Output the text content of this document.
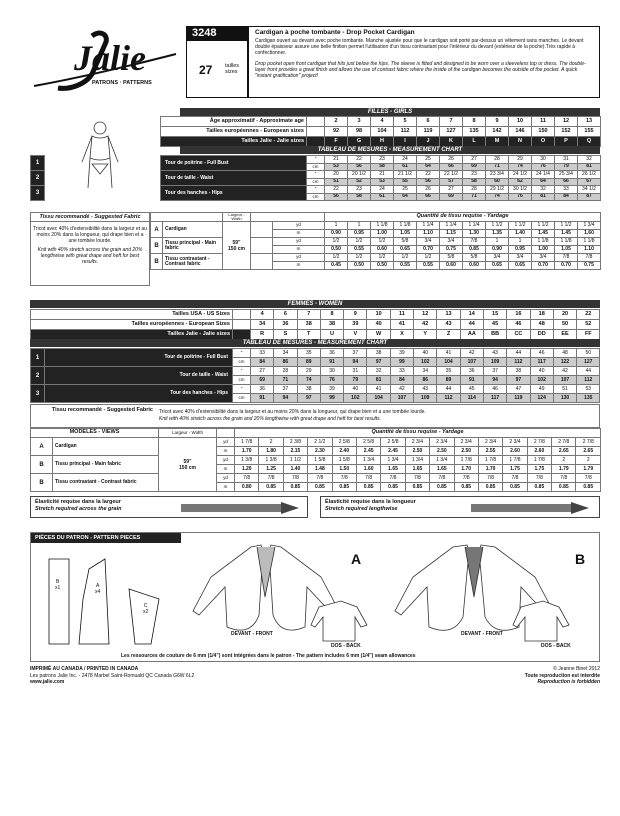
Jalie
PATRONS · PATTERNS
3248
27 tailles
sizes
Cardigan à poche tombante - Drop Pocket Cardigan
Cardigan ouvert au devant avec poche tombante. Manche ajustée pour que le cardigan soit porté par-dessus un vêtement sans manches. Le devant double épaisseur assure une belle finition permet l'utilisation d'un tissu contrastant pour l'intérieur du devant (extérieur de la poche).Très rapide à confectionner.
Drop pocket open front cardigan that hits just below the hips. The sleeve is fitted and designed to be worn over a sleeveless top or dress. The double-layer front provides a great finish and allows the use of contrast fabric where the inside of the cardigan becomes the outside of the pocket. A quick "instant gratification" project!
FILLES - GIRLS
Âge approximatif - Approximate age		2	3	4	5	6	7	8	9	10	11	12	13
Tailles européennes - European sizes		92	98	104	112	119	127	135	142	146	150	152	155
Tailles Jalie - Jalie sizes		F	G	H	I	J	K	L	M	N	O	P	Q
TABLEAU DE MESURES - MEASUREMENT CHART
1		Tour de poitrine - Full Bust	"	21	22	23	24	25	26	27	28	29	30	31	32
			cm	53	56	58	61	64	66	69	71	74	76	79	81
2		Tour de taille - Waist	"	20	20 1/2	21	21 1/2	22	22 1/2	23	23 3/4	24 1/2	24 1/4	25 3/4	26 1/2
			cm	51	52	53	55	56	57	58	60	62	64	66	67
3		Tour des hanches - Hips	"	22	23	24	25	26	27	28	29 1/2	30 1/2	32	33	34 1/2
			cm	56	58	61	64	66	69	71	74	76	81	84	87
Tissu recommandé - Suggested Fabric
Tricot avec 40% d'extensibilité dans la largeur et au moins 20% dans la longueur, qui drape bien et a une tombée lourde.
Knit with 40% stretch across the grain and 20% lengthwise with great drape and heft for best results.
		Largeur - Width			Quantité de tissu requise - Yardage											
A	Cardigan	59"
150 cm		yd	1	1	1 1/8	1 1/8	1 1/4	1 1/4	1 1/4	1 1/2	1 1/2	1 1/2	1 1/2	1 3/4
				m	0.90	0.95	1.00	1.05	1.10	1.15	1.30	1.35	1.40	1.45	1.45	1.60
B	Tissu principal - Main fabric			yd	1/2	1/2	1/2	5/8	3/4	3/4	7/8	1	1	1 1/8	1 1/8	1 1/8
				m	0.50	0.55	0.60	0.65	0.70	0.75	0.85	0.90	0.95	1.00	1.05	1.10
B	Tissu contrastant - Contrast fabric			yd	1/2	1/2	1/2	1/2	1/2	5/8	5/8	3/4	3/4	3/4	7/8	7/8
				m	0.45	0.50	0.50	0.55	0.55	0.60	0.60	0.65	0.65	0.70	0.70	0.75
FEMMES - WOMEN
Tailles USA - US Sizes		4	6	7	8	9	10	11	12	13	14	15	16	18	20	22
Tailles européennes - European Sizes		34	36	38	38	39	40	41	42	43	44	45	46	48	50	52
Tailles Jalie - Jalie sizes		R	S	T	U	V	W	X	Y	Z	AA	BB	CC	DD	EE	FF
TABLEAU DE MESURES - MEASUREMENT CHART
1	Tour de poitrine - Full Bust	"	33	34	35	36	37	38	39	40	41	42	43	44	46	48	50
		cm	84	86	89	91	94	97	99	102	104	107	109	112	117	122	127
2	Tour de taille - Waist	"	27	28	29	30	31	32	33	34	35	36	37	38	40	42	44
		cm	69	71	74	76	79	81	84	86	89	91	94	97	102	107	112
3	Tour des hanches - Hips	"	36	37	38	39	40	41	42	43	44	45	46	47	49	51	53
		cm	91	94	97	99	102	104	107	109	112	114	117	119	124	130	135
Tissu recommandé - Suggested Fabric Tricot avec 40% d'extensibilité dans la largeur et au moins 20% dans la longueur, qui drape bien et a une tombée lourde.
Knit with 40% stretch across the grain and 20% lengthwise with great drape and heft for best results.
MODÈLES - VIEWS		Largeur - Width		Quantité de tissu requise - Yardage														
A	Cardigan	59"
150 cm	yd	1 7/8	2	2 3/8	2 1/2	2 5/8	2 5/8	2 5/8	2 3/4	2 3/4	2 3/4	2 3/4	2 3/4	2 7/8	2 7/8	2 7/8
			m	1.70	1.80	2.15	2.30	2.40	2.45	2.45	2.50	2.50	2.50	2.55	2.60	2.60	2.65	2.65
B	Tissu principal - Main fabric		yd	1 3/8	1 3/8	1 1/2	1 5/8	1 5/8	1 3/4	1 3/4	1 3/4	1 3/4	1 7/8	1 7/8	1 7/8	1 7/8	2	2
			m	1.20	1.25	1.40	1.48	1.50	1.60	1.65	1.65	1.65	1.70	1.70	1.75	1.75	1.79	1.79
B	Tissu contrastant - Contrast fabric		yd	7/8	7/8	7/8	7/8	7/8	7/8	7/8	7/8	7/8	7/8	7/8	7/8	7/8	7/8	7/8
			m	0.80	0.85	0.85	0.85	0.85	0.85	0.85	0.85	0.85	0.85	0.85	0.85	0.85	0.85	0.85
Élasticité requise dans la largeur
Stretch required across the grain
Élasticité requise dans la longueur
Stretch required lengthwise
PIÈCES DU PATRON - PATTERN PIECES
B
x1	A
x4
C
x2
A	B
DEVANT - FRONT
DOS - BACK
DEVANT - FRONT
DOS - BACK
Les ressources de couture de 6 mm (1/4") sont intégrées dans le patron - The pattern includes 6 mm (1/4") seam allowances
IMPRIMÉ AU CANADA / PRINTED IN CANADA
Les patrons Jalie Inc. - 2478 Marbel Saint-Romuald QC Canada G6W 6L2
www.jalie.com
© Jeanne Binet 2012
Toute reproduction est interdite
Reproduction is forbidden
